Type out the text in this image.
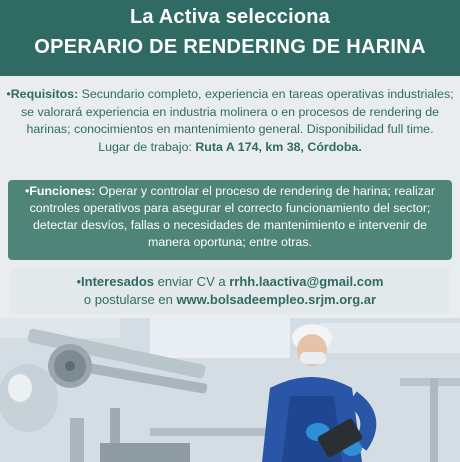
La Activa selecciona
OPERARIO DE RENDERING DE HARINA
•Requisitos: Secundario completo, experiencia en tareas operativas industriales; se valorará experiencia en industria molinera o en procesos de rendering de harinas; conocimientos en mantenimiento general. Disponibilidad full time.
Lugar de trabajo: Ruta A 174, km 38, Córdoba.
•Funciones: Operar y controlar el proceso de rendering de harina; realizar controles operativos para asegurar el correcto funcionamiento del sector; detectar desvíos, fallas o necesidades de mantenimiento e intervenir de manera oportuna; entre otras.
•Interesados enviar CV a rrhh.laactiva@gmail.com
o postularse en www.bolsadeempleo.srjm.org.ar
